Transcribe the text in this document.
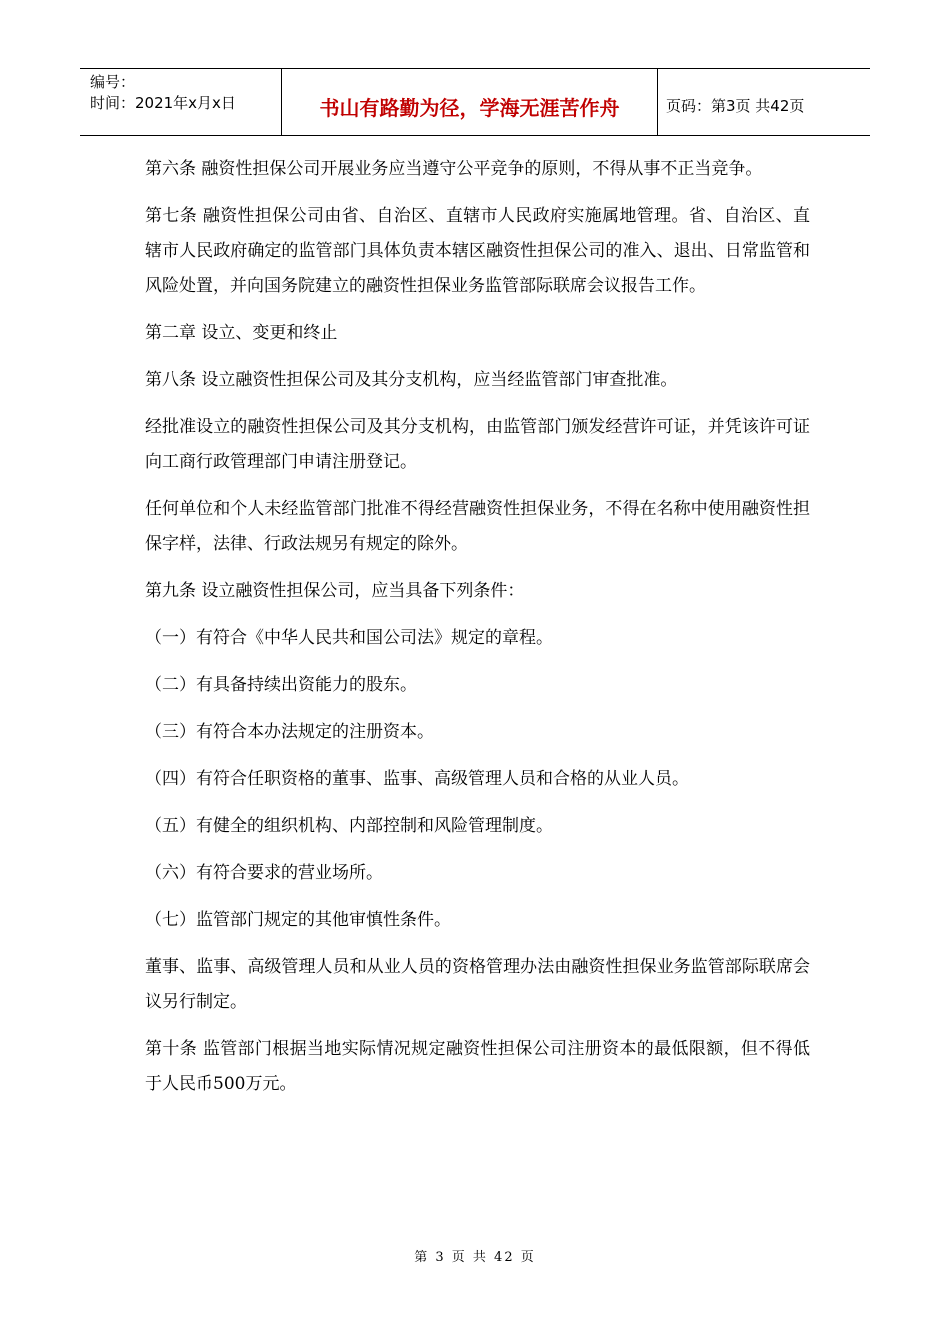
编号：
时间：2021年x月x日	书山有路勤为径，学海无涯苦作舟	页码：第3页 共42页

第六条 融资性担保公司开展业务应当遵守公平竞争的原则，不得从事不正当竞争。

第七条 融资性担保公司由省、自治区、直辖市人民政府实施属地管理。省、自治区、直辖市人民政府确定的监管部门具体负责本辖区融资性担保公司的准入、退出、日常监管和风险处置，并向国务院建立的融资性担保业务监管部际联席会议报告工作。

第二章 设立、变更和终止

第八条 设立融资性担保公司及其分支机构，应当经监管部门审查批准。

经批准设立的融资性担保公司及其分支机构，由监管部门颁发经营许可证，并凭该许可证向工商行政管理部门申请注册登记。

任何单位和个人未经监管部门批准不得经营融资性担保业务，不得在名称中使用融资性担保字样，法律、行政法规另有规定的除外。

第九条 设立融资性担保公司，应当具备下列条件：

（一）有符合《中华人民共和国公司法》规定的章程。

（二）有具备持续出资能力的股东。

（三）有符合本办法规定的注册资本。

（四）有符合任职资格的董事、监事、高级管理人员和合格的从业人员。

（五）有健全的组织机构、内部控制和风险管理制度。

（六）有符合要求的营业场所。

（七）监管部门规定的其他审慎性条件。

董事、监事、高级管理人员和从业人员的资格管理办法由融资性担保业务监管部际联席会议另行制定。

第十条 监管部门根据当地实际情况规定融资性担保公司注册资本的最低限额，但不得低于人民币500万元。

第 3 页 共 42 页
